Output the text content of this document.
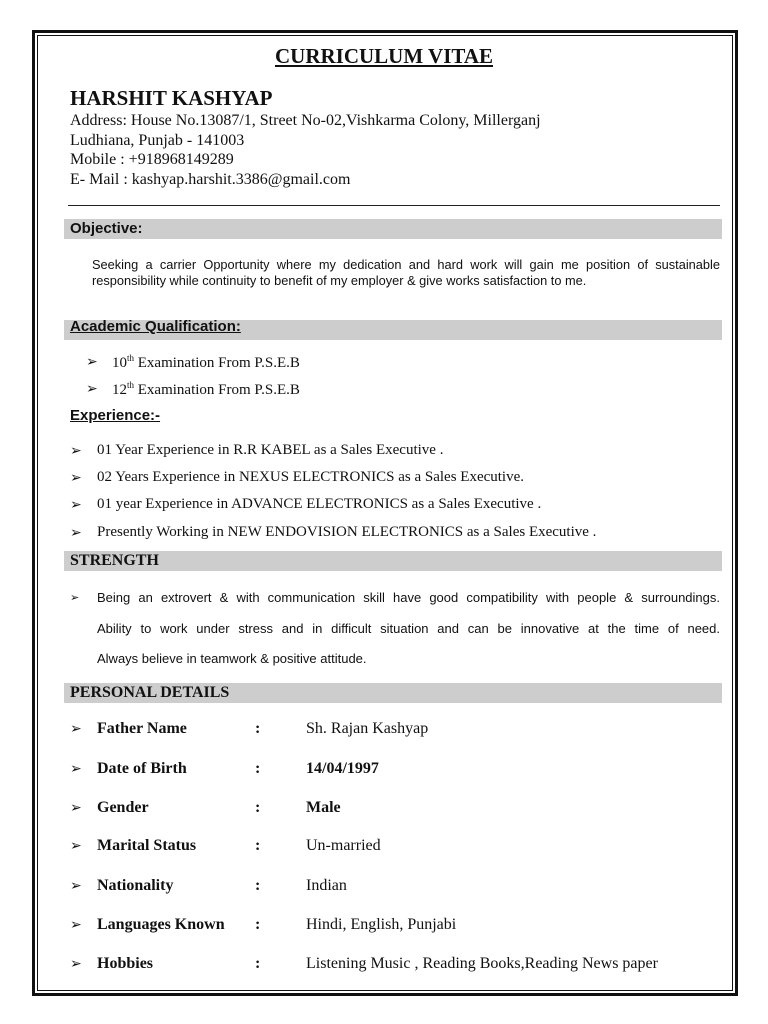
CURRICULUM VITAE
HARSHIT KASHYAP
Address: House No.13087/1, Street No-02,Vishkarma Colony, Millerganj
Ludhiana, Punjab - 141003
Mobile : +918968149289
E- Mail : kashyap.harshit.3386@gmail.com
Objective:
Seeking a carrier Opportunity where my dedication and hard work will gain me position of sustainable responsibility while continuity to benefit of my employer & give works satisfaction to me.
Academic Qualification:
➢ 10th Examination From P.S.E.B
➢ 12th Examination From P.S.E.B
Experience:-
➢ 01 Year Experience in R.R KABEL as a Sales Executive .
➢ 02 Years Experience in NEXUS ELECTRONICS as a Sales Executive.
➢ 01 year Experience in ADVANCE ELECTRONICS as a Sales Executive .
➢ Presently Working in NEW ENDOVISION ELECTRONICS as a Sales Executive .
STRENGTH
➢ Being an extrovert & with communication skill have good compatibility with people & surroundings.
Ability to work under stress and in difficult situation and can be innovative at the time of need.
Always believe in teamwork & positive attitude.
PERSONAL DETAILS
➢ Father Name	:	Sh. Rajan Kashyap
➢ Date of Birth	:	14/04/1997
➢ Gender	:	Male
➢ Marital Status	:	Un-married
➢ Nationality	:	Indian
➢ Languages Known :	Hindi, English, Punjabi
➢ Hobbies	:	Listening Music , Reading Books,Reading News paper
